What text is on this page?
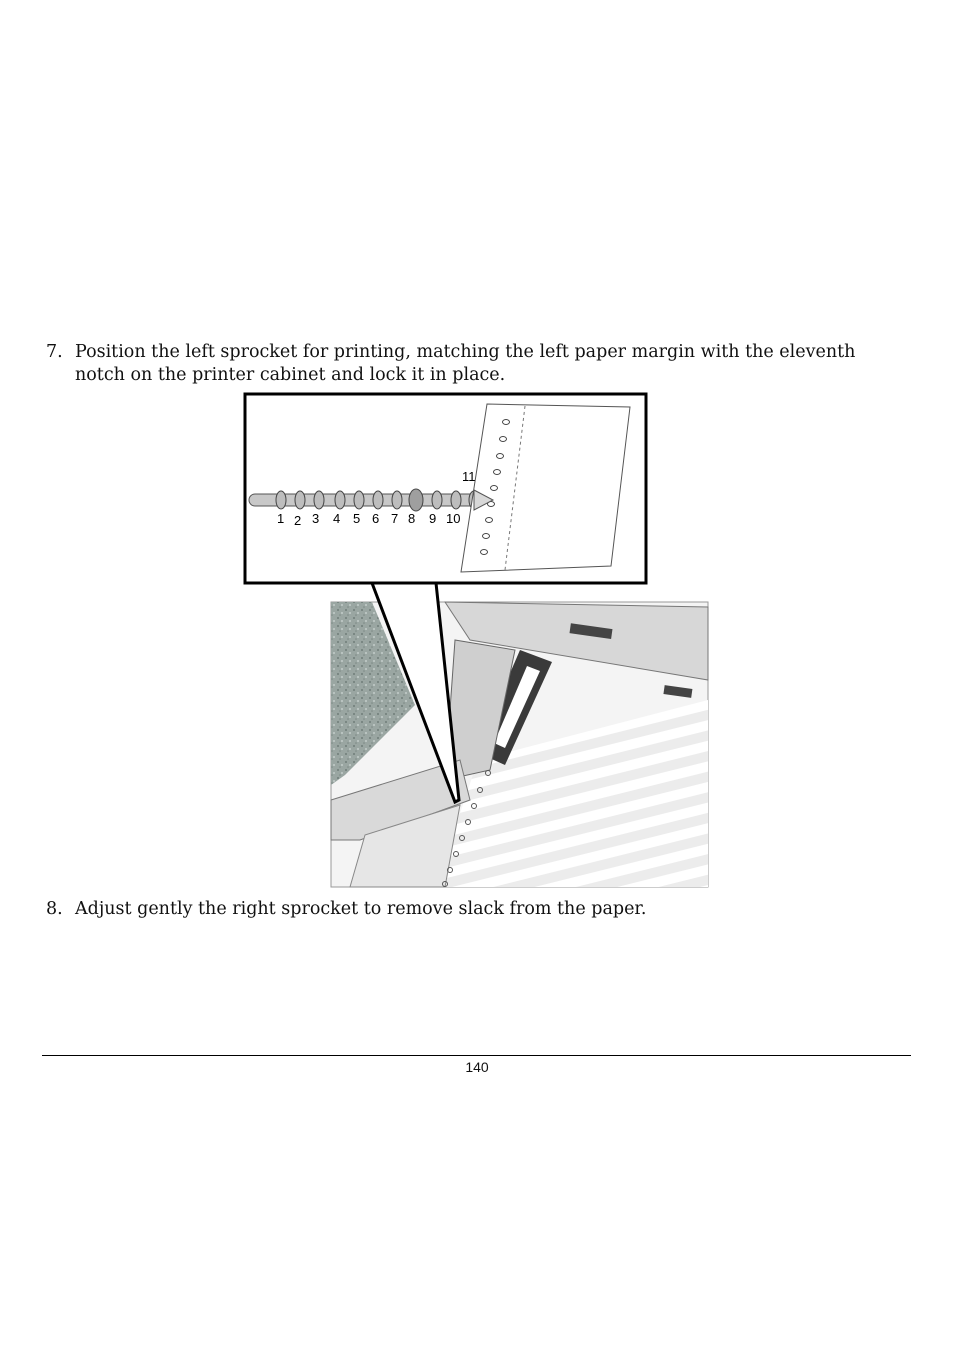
7. Position the left sprocket for printing, matching the left paper margin with the eleventh notch on the printer cabinet and lock it in place.
1 2 3 4 5 6 7 8 9 10
11
8. Adjust gently the right sprocket to remove slack from the paper.
140
